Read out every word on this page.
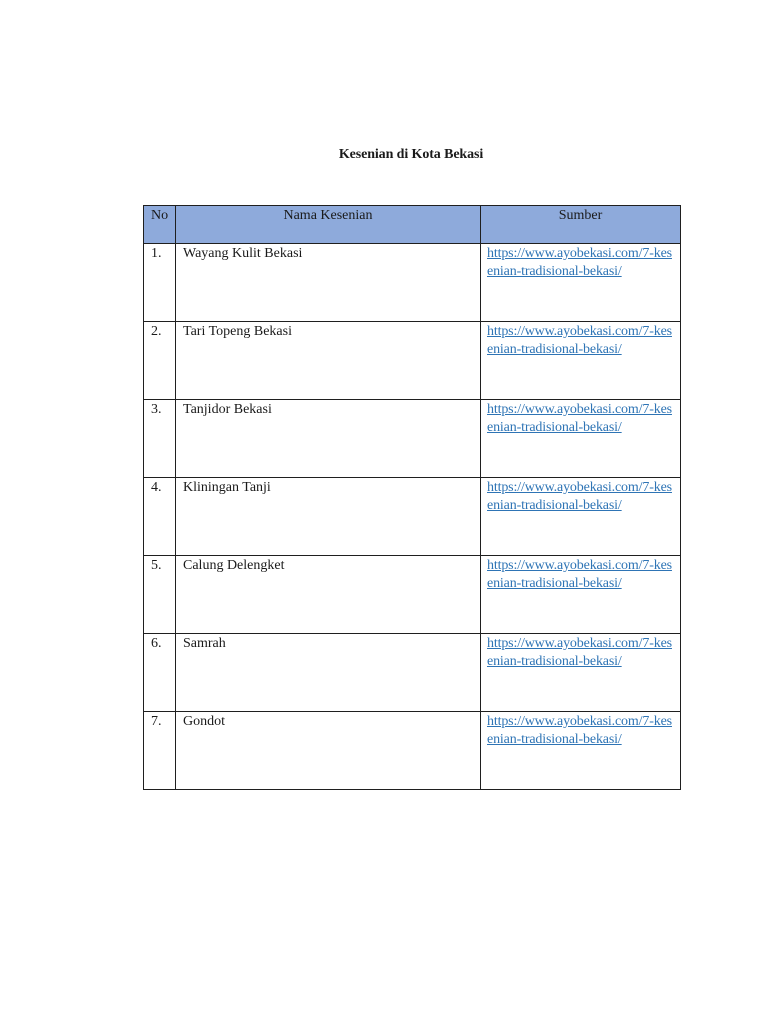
Kesenian di Kota Bekasi
No	Nama Kesenian	Sumber
1.	Wayang Kulit Bekasi	https://www.ayobekasi.com/7-kesenian-tradisional-bekasi/
2.	Tari Topeng Bekasi	https://www.ayobekasi.com/7-kesenian-tradisional-bekasi/
3.	Tanjidor Bekasi	https://www.ayobekasi.com/7-kesenian-tradisional-bekasi/
4.	Kliningan Tanji	https://www.ayobekasi.com/7-kesenian-tradisional-bekasi/
5.	Calung Delengket	https://www.ayobekasi.com/7-kesenian-tradisional-bekasi/
6.	Samrah	https://www.ayobekasi.com/7-kesenian-tradisional-bekasi/
7.	Gondot	https://www.ayobekasi.com/7-kesenian-tradisional-bekasi/
